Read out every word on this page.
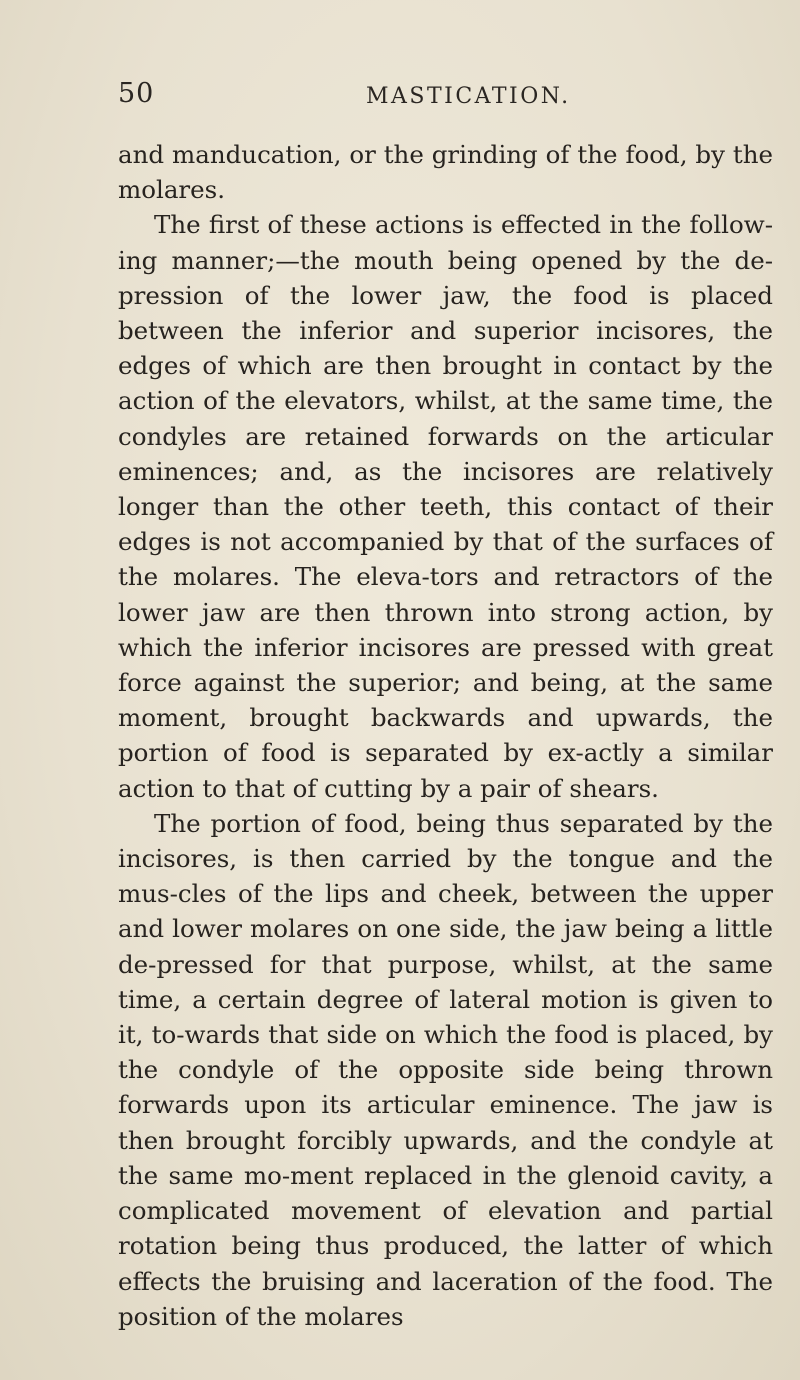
50	MASTICATION.

and manducation, or the grinding of the food, by the molares.

The first of these actions is effected in the follow-ing manner;—the mouth being opened by the de-pression of the lower jaw, the food is placed between the inferior and superior incisores, the edges of which are then brought in contact by the action of the elevators, whilst, at the same time, the condyles are retained forwards on the articular eminences; and, as the incisores are relatively longer than the other teeth, this contact of their edges is not accompanied by that of the surfaces of the molares. The eleva-tors and retractors of the lower jaw are then thrown into strong action, by which the inferior incisores are pressed with great force against the superior; and being, at the same moment, brought backwards and upwards, the portion of food is separated by ex-actly a similar action to that of cutting by a pair of shears.

The portion of food, being thus separated by the incisores, is then carried by the tongue and the mus-cles of the lips and cheek, between the upper and lower molares on one side, the jaw being a little de-pressed for that purpose, whilst, at the same time, a certain degree of lateral motion is given to it, to-wards that side on which the food is placed, by the condyle of the opposite side being thrown forwards upon its articular eminence. The jaw is then brought forcibly upwards, and the condyle at the same mo-ment replaced in the glenoid cavity, a complicated movement of elevation and partial rotation being thus produced, the latter of which effects the bruising and laceration of the food. The position of the molares
